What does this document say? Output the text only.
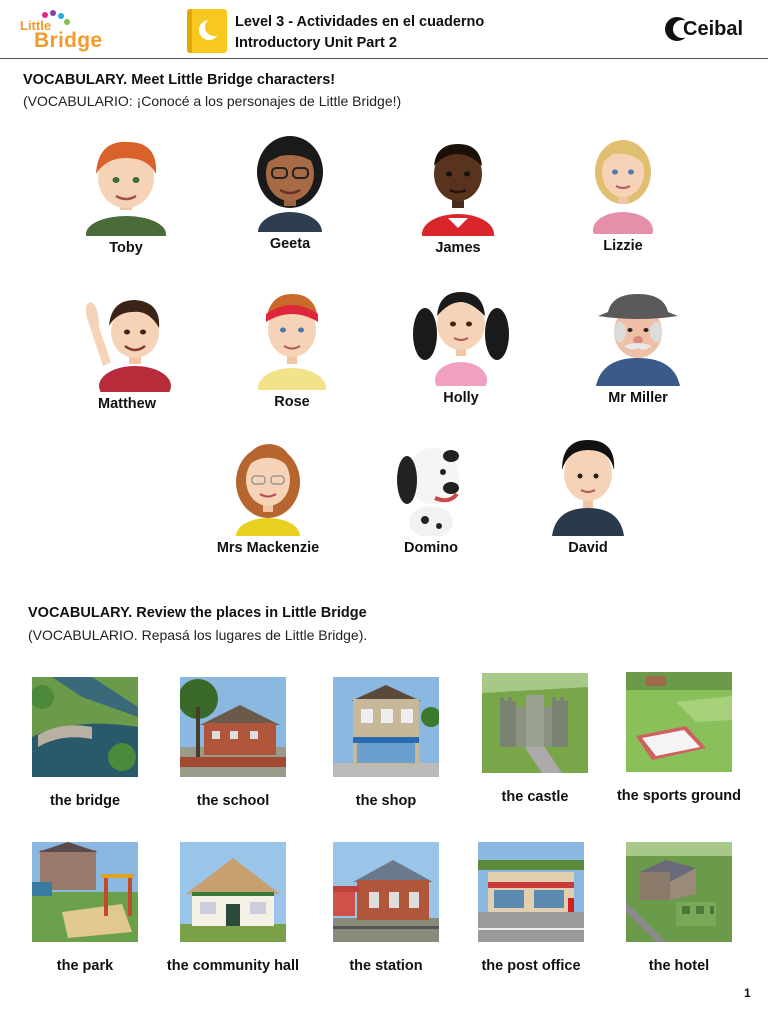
Little
Bridge
Level 3 - Actividades en el cuaderno
Introductory Unit Part 2
Ceibal
VOCABULARY. Meet Little Bridge characters!
(VOCABULARIO: ¡Conocé a los personajes de Little Bridge!)
Toby	Geeta	James	Lizzie
Matthew	Rose	Holly	Mr Miller
Mrs Mackenzie	Domino	David
VOCABULARY. Review the places in Little Bridge
(VOCABULARIO. Repasá los lugares de Little Bridge).
the bridge	the school	the shop	the castle	the sports ground
the park	the community hall	the station	the post office	the hotel
1
